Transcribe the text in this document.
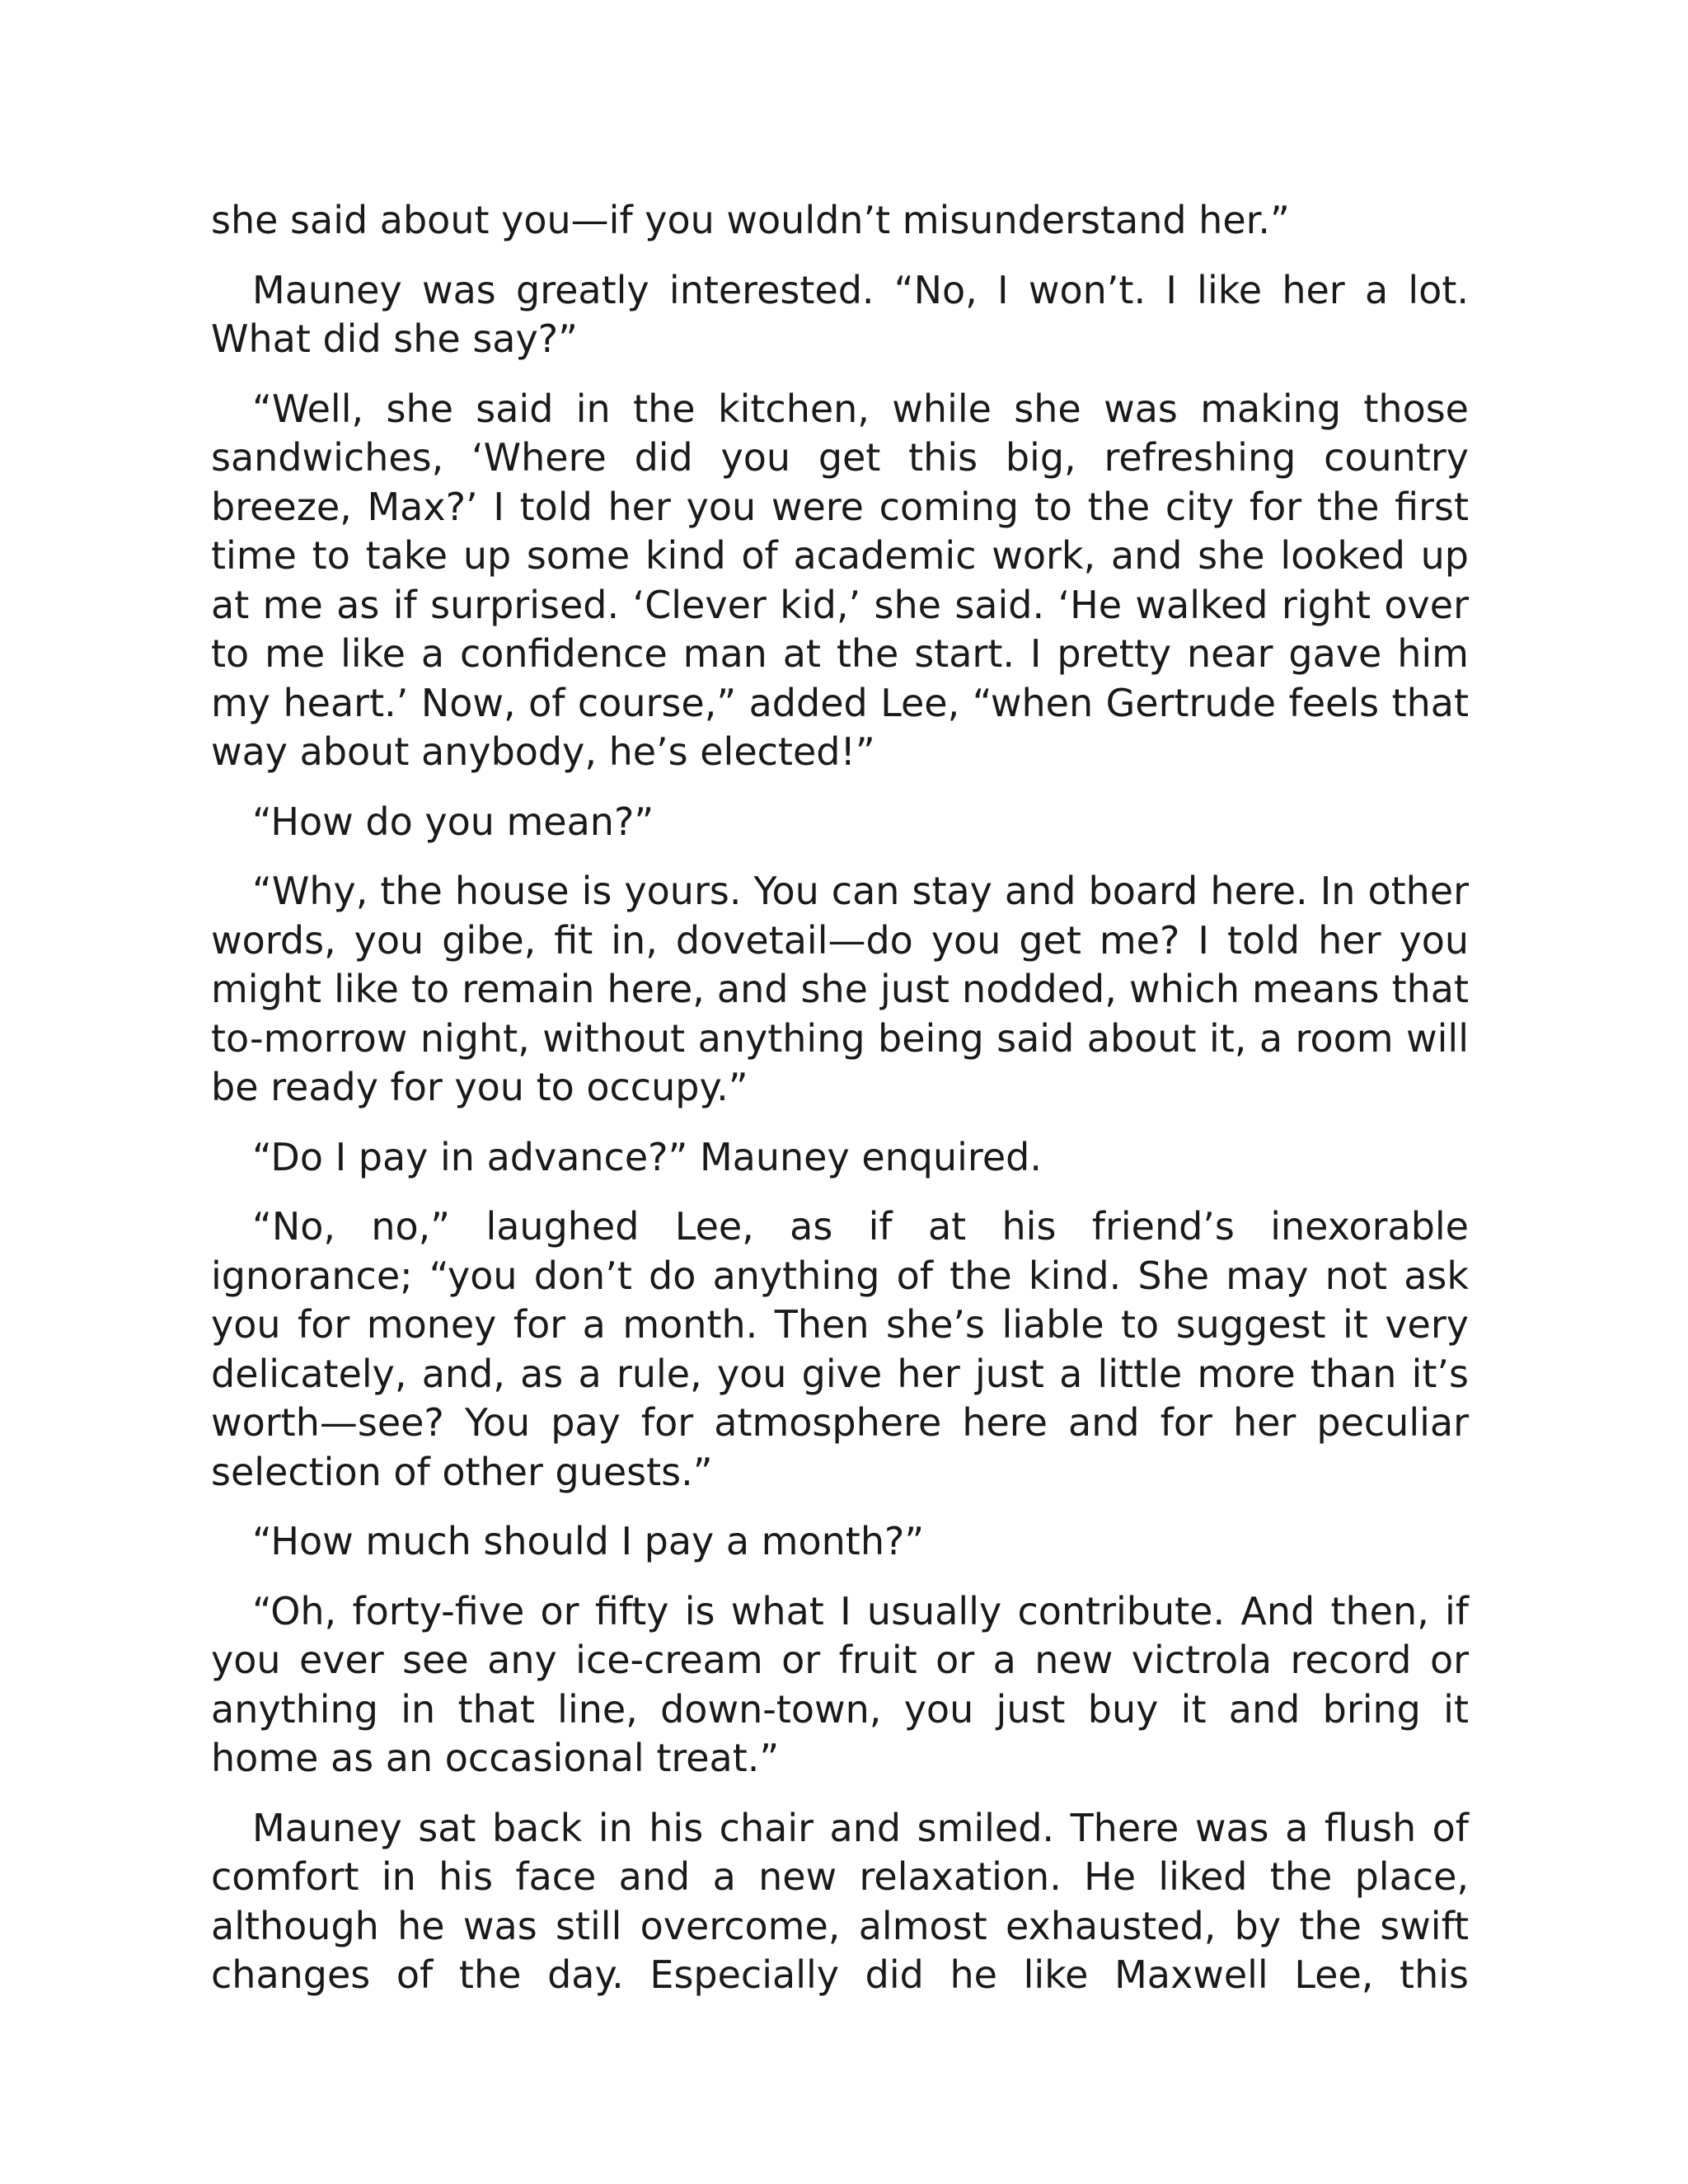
she said about you—if you wouldn’t misunderstand her.”

Mauney was greatly interested. “No, I won’t. I like her a lot. What did she say?”

“Well, she said in the kitchen, while she was making those sandwiches, ‘Where did you get this big, refreshing country breeze, Max?’ I told her you were coming to the city for the first time to take up some kind of academic work, and she looked up at me as if surprised. ‘Clever kid,’ she said. ‘He walked right over to me like a confidence man at the start. I pretty near gave him my heart.’ Now, of course,” added Lee, “when Gertrude feels that way about anybody, he’s elected!”

“How do you mean?”

“Why, the house is yours. You can stay and board here. In other words, you gibe, fit in, dovetail—do you get me? I told her you might like to remain here, and she just nodded, which means that to-morrow night, without anything being said about it, a room will be ready for you to occupy.”

“Do I pay in advance?” Mauney enquired.

“No, no,” laughed Lee, as if at his friend’s inexorable ignorance; “you don’t do anything of the kind. She may not ask you for money for a month. Then she’s liable to suggest it very delicately, and, as a rule, you give her just a little more than it’s worth—see? You pay for atmosphere here and for her peculiar selection of other guests.”

“How much should I pay a month?”

“Oh, forty-five or fifty is what I usually contribute. And then, if you ever see any ice-cream or fruit or a new victrola record or anything in that line, down-town, you just buy it and bring it home as an occasional treat.”

Mauney sat back in his chair and smiled. There was a flush of comfort in his face and a new relaxation. He liked the place, although he was still overcome, almost exhausted, by the swift changes of the day. Especially did he like Maxwell Lee, this
